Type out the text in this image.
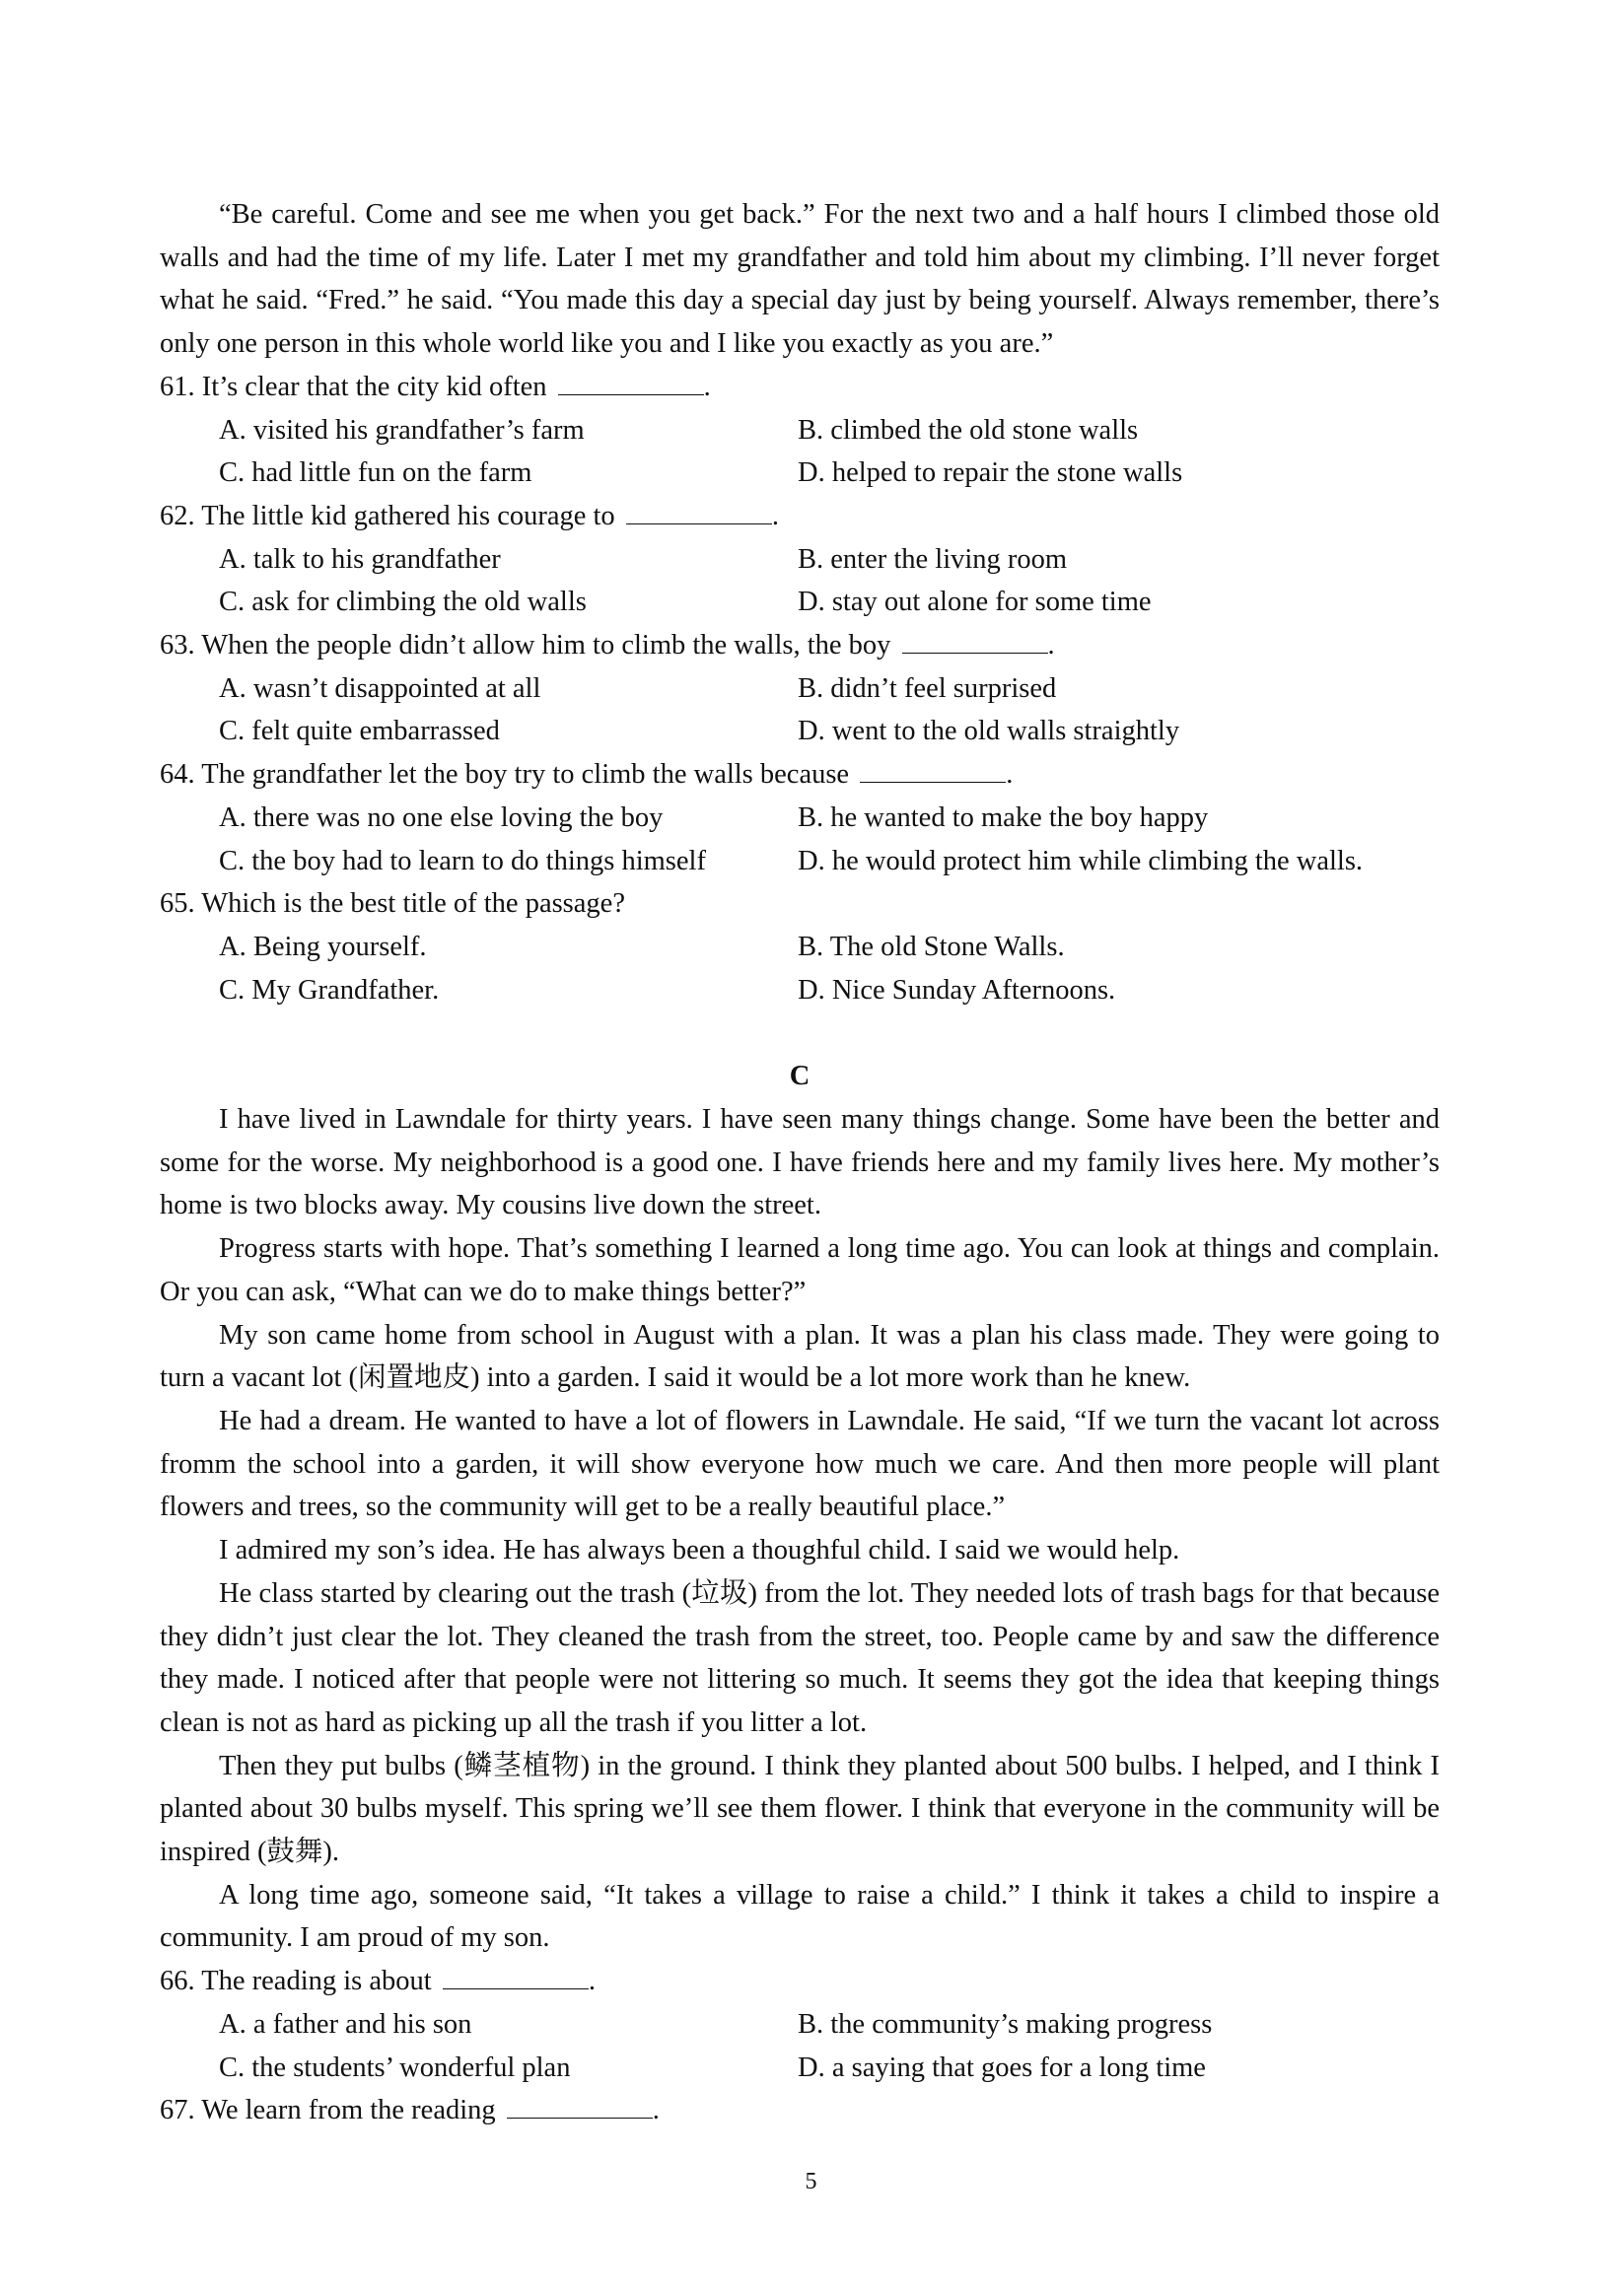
“Be careful. Come and see me when you get back.” For the next two and a half hours I climbed those old walls and had the time of my life. Later I met my grandfather and told him about my climbing. I’ll never forget what he said. “Fred.” he said. “You made this day a special day just by being yourself. Always remember, there’s only one person in this whole world like you and I like you exactly as you are.”

61. It’s clear that the city kid often	.

A. visited his grandfather’s farm	B. climbed the old stone walls
C. had little fun on the farm	D. helped to repair the stone walls

62. The little kid gathered his courage to	.

A. talk to his grandfather	B. enter the living room
C. ask for climbing the old walls	D. stay out alone for some time

63. When the people didn’t allow him to climb the walls, the boy	.

A. wasn’t disappointed at all	B. didn’t feel surprised
C. felt quite embarrassed	D. went to the old walls straightly

64. The grandfather let the boy try to climb the walls because	.

A. there was no one else loving the boy	B. he wanted to make the boy happy
C. the boy had to learn to do things himself	D. he would protect him while climbing the walls.

65. Which is the best title of the passage?

A. Being yourself.	B. The old Stone Walls.
C. My Grandfather.	D. Nice Sunday Afternoons.

C

I have lived in Lawndale for thirty years. I have seen many things change. Some have been the better and some for the worse. My neighborhood is a good one. I have friends here and my family lives here. My mother’s home is two blocks away. My cousins live down the street.

Progress starts with hope. That’s something I learned a long time ago. You can look at things and complain. Or you can ask, “What can we do to make things better?”

My son came home from school in August with a plan. It was a plan his class made. They were going to turn a vacant lot (闲置地皮) into a garden. I said it would be a lot more work than he knew.

He had a dream. He wanted to have a lot of flowers in Lawndale. He said, “If we turn the vacant lot across fromm the school into a garden, it will show everyone how much we care. And then more people will plant flowers and trees, so the community will get to be a really beautiful place.”

I admired my son’s idea. He has always been a thoughful child. I said we would help.

He class started by clearing out the trash (垃圾) from the lot. They needed lots of trash bags for that because they didn’t just clear the lot. They cleaned the trash from the street, too. People came by and saw the difference they made. I noticed after that people were not littering so much. It seems they got the idea that keeping things clean is not as hard as picking up all the trash if you litter a lot.

Then they put bulbs (鳞茎植物) in the ground. I think they planted about 500 bulbs. I helped, and I think I planted about 30 bulbs myself. This spring we’ll see them flower. I think that everyone in the community will be inspired (鼓舞).

A long time ago, someone said, “It takes a village to raise a child.” I think it takes a child to inspire a community. I am proud of my son.

66. The reading is about	.

A. a father and his son	B. the community’s making progress
C. the students’ wonderful plan	D. a saying that goes for a long time

67. We learn from the reading	.

5
